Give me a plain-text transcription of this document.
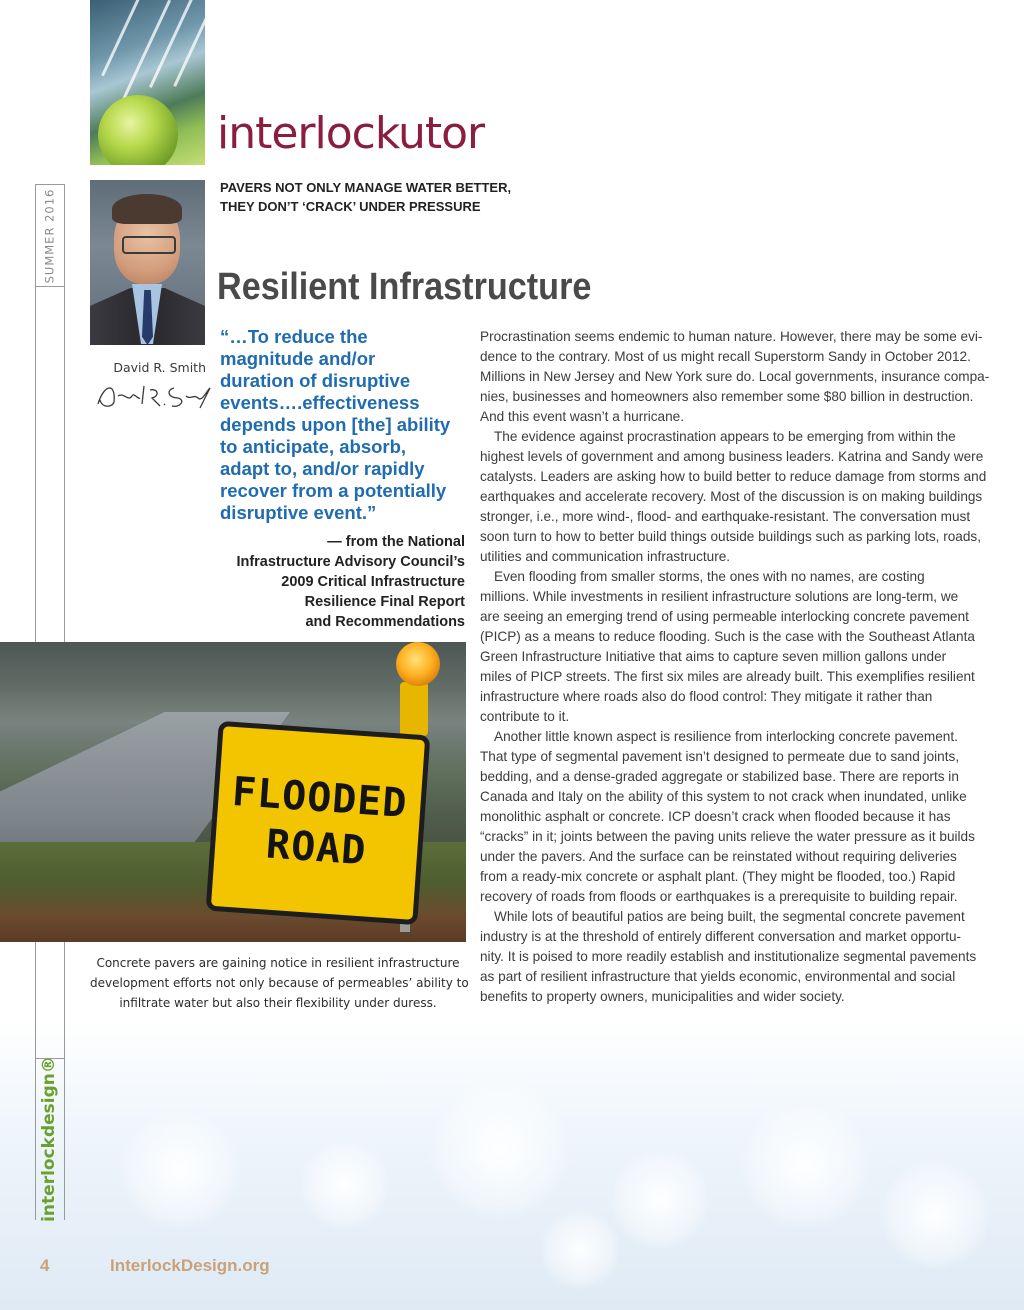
SUMMER 2016
interlockdesign®
interlockutor
PAVERS NOT ONLY MANAGE WATER BETTER,
THEY DON’T ‘CRACK’ UNDER PRESSURE
David R. Smith
Resilient Infrastructure
“…To reduce the
magnitude and/or
duration of disruptive
events….effectiveness
depends upon [the] ability
to anticipate, absorb,
adapt to, and/or rapidly
recover from a potentially
disruptive event.”
— from the National
Infrastructure Advisory Council’s
2009 Critical Infrastructure
Resilience Final Report
and Recommendations
Procrastination seems endemic to human nature. However, there may be some evi-
dence to the contrary. Most of us might recall Superstorm Sandy in October 2012.
Millions in New Jersey and New York sure do. Local governments, insurance compa-
nies, businesses and homeowners also remember some $80 billion in destruction.
And this event wasn’t a hurricane.
The evidence against procrastination appears to be emerging from within the
highest levels of government and among business leaders. Katrina and Sandy were
catalysts. Leaders are asking how to build better to reduce damage from storms and
earthquakes and accelerate recovery. Most of the discussion is on making buildings
stronger, i.e., more wind-, flood- and earthquake-resistant. The conversation must
soon turn to how to better build things outside buildings such as parking lots, roads,
utilities and communication infrastructure.
Even flooding from smaller storms, the ones with no names, are costing
millions. While investments in resilient infrastructure solutions are long-term, we
are seeing an emerging trend of using permeable interlocking concrete pavement
(PICP) as a means to reduce flooding. Such is the case with the Southeast Atlanta
Green Infrastructure Initiative that aims to capture seven million gallons under
miles of PICP streets. The first six miles are already built. This exemplifies resilient
infrastructure where roads also do flood control: They mitigate it rather than
contribute to it.
Another little known aspect is resilience from interlocking concrete pavement.
That type of segmental pavement isn’t designed to permeate due to sand joints,
bedding, and a dense-graded aggregate or stabilized base. There are reports in
Canada and Italy on the ability of this system to not crack when inundated, unlike
monolithic asphalt or concrete. ICP doesn’t crack when flooded because it has
“cracks” in it; joints between the paving units relieve the water pressure as it builds
under the pavers. And the surface can be reinstated without requiring deliveries
from a ready-mix concrete or asphalt plant. (They might be flooded, too.) Rapid
recovery of roads from floods or earthquakes is a prerequisite to building repair.
While lots of beautiful patios are being built, the segmental concrete pavement
industry is at the threshold of entirely different conversation and market opportu-
nity. It is poised to more readily establish and institutionalize segmental pavements
as part of resilient infrastructure that yields economic, environmental and social
benefits to property owners, municipalities and wider society.
FLOODED
ROAD
Concrete pavers are gaining notice in resilient infrastructure
development efforts not only because of permeables’ ability to
infiltrate water but also their flexibility under duress.
4	InterlockDesign.org
